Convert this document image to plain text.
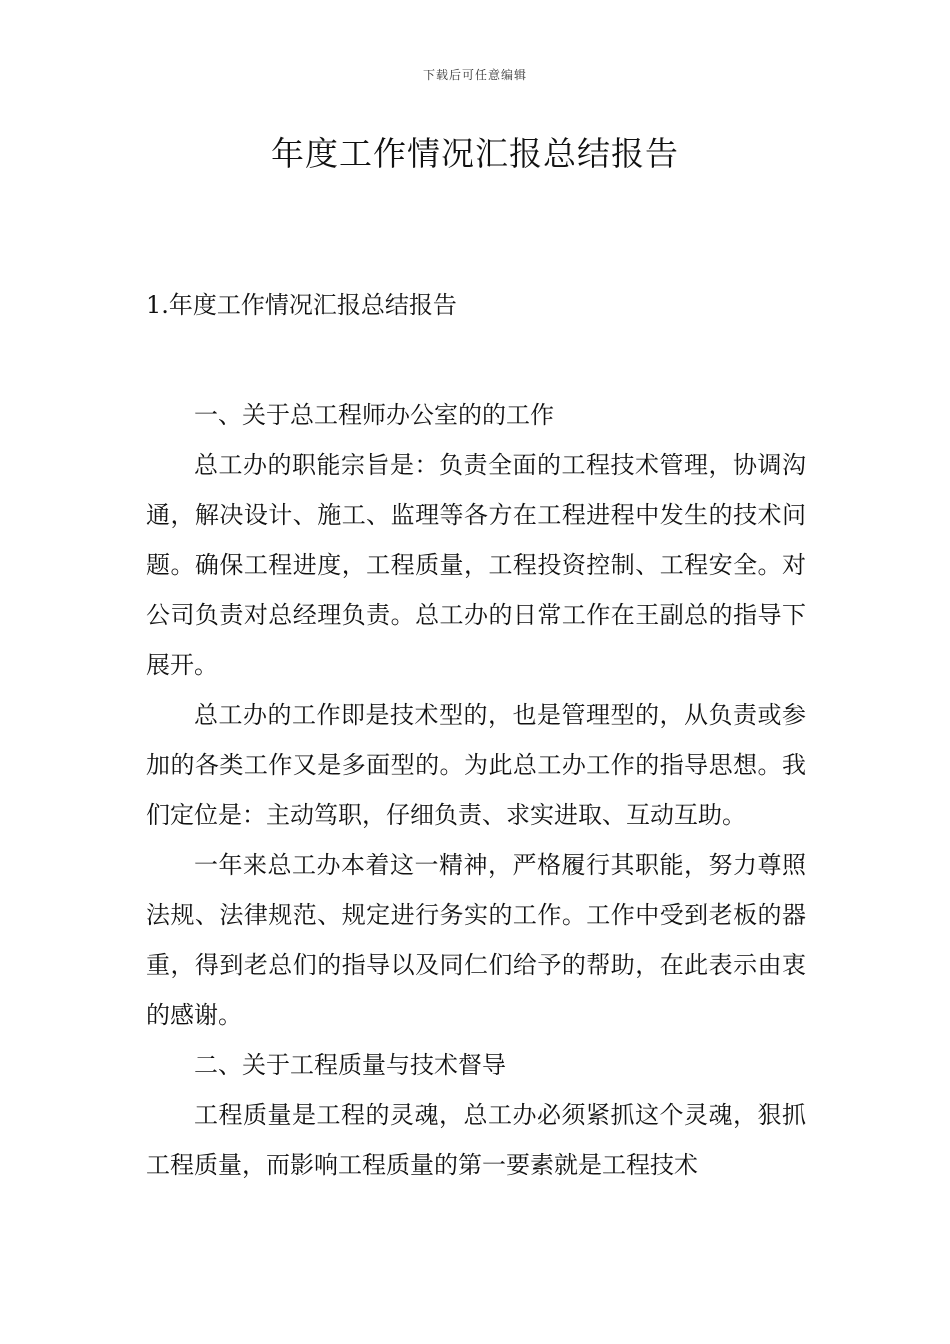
下载后可任意编辑
年度工作情况汇报总结报告

1.年度工作情况汇报总结报告

一、关于总工程师办公室的的工作

总工办的职能宗旨是：负责全面的工程技术管理，协调沟通，解决设计、施工、监理等各方在工程进程中发生的技术问题。确保工程进度，工程质量，工程投资控制、工程安全。对公司负责对总经理负责。总工办的日常工作在王副总的指导下展开。

总工办的工作即是技术型的，也是管理型的，从负责或参加的各类工作又是多面型的。为此总工办工作的指导思想。我们定位是：主动笃职，仔细负责、求实进取、互动互助。

一年来总工办本着这一精神，严格履行其职能，努力尊照法规、法律规范、规定进行务实的工作。工作中受到老板的器重，得到老总们的指导以及同仁们给予的帮助，在此表示由衷的感谢。

二、关于工程质量与技术督导

工程质量是工程的灵魂，总工办必须紧抓这个灵魂，狠抓工程质量，而影响工程质量的第一要素就是工程技术
